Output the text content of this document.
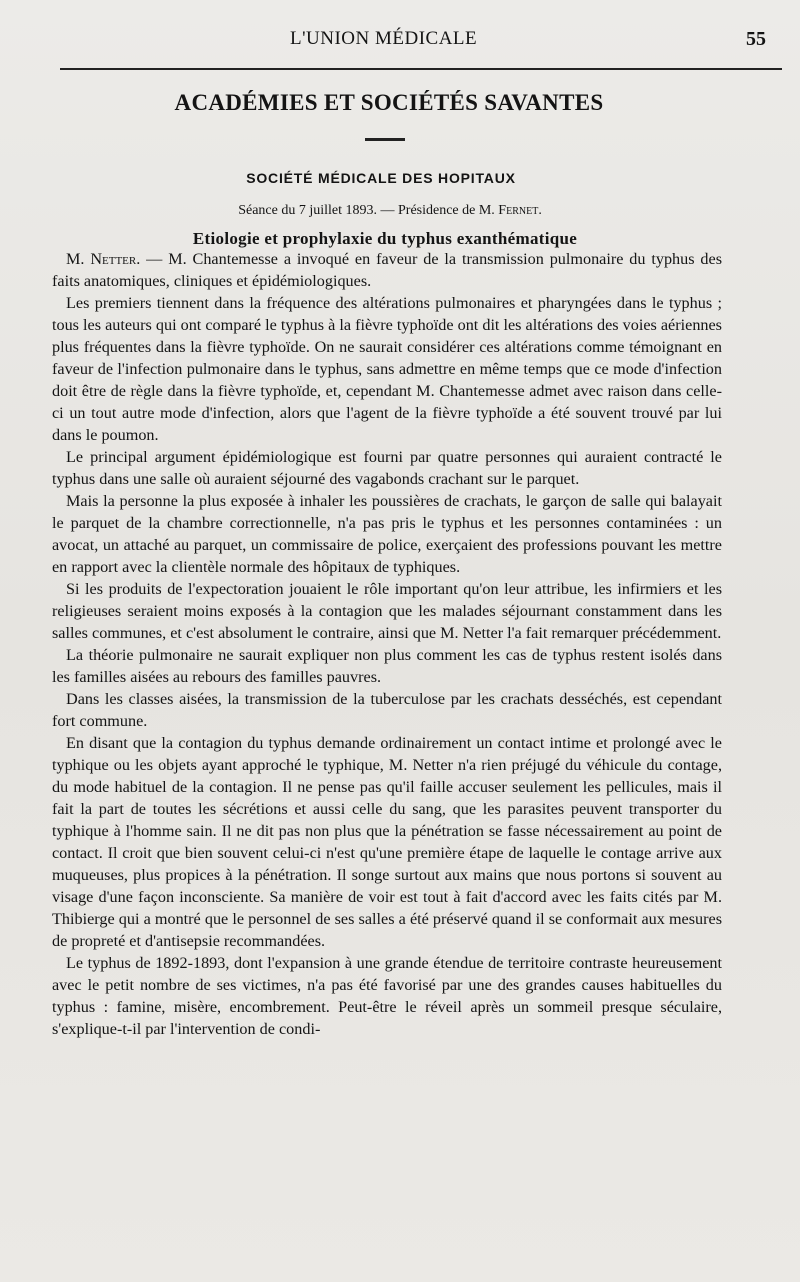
L'UNION MÉDICALE	55
ACADÉMIES ET SOCIÉTÉS SAVANTES
SOCIÉTÉ MÉDICALE DES HOPITAUX
Séance du 7 juillet 1893. — Présidence de M. Fernet.
Etiologie et prophylaxie du typhus exanthématique

M. Netter. — M. Chantemesse a invoqué en faveur de la transmission pulmonaire du typhus des faits anatomiques, cliniques et épidémiologiques.

Les premiers tiennent dans la fréquence des altérations pulmonaires et pharyngées dans le typhus ; tous les auteurs qui ont comparé le typhus à la fièvre typhoïde ont dit les altérations des voies aériennes plus fréquentes dans la fièvre typhoïde. On ne saurait considérer ces altérations comme témoignant en faveur de l'infection pulmonaire dans le typhus, sans admettre en même temps que ce mode d'infection doit être de règle dans la fièvre typhoïde, et, cependant M. Chantemesse admet avec raison dans celle-ci un tout autre mode d'infection, alors que l'agent de la fièvre typhoïde a été souvent trouvé par lui dans le poumon.

Le principal argument épidémiologique est fourni par quatre personnes qui auraient contracté le typhus dans une salle où auraient séjourné des vagabonds crachant sur le parquet.

Mais la personne la plus exposée à inhaler les poussières de crachats, le garçon de salle qui balayait le parquet de la chambre correctionnelle, n'a pas pris le typhus et les personnes contaminées : un avocat, un attaché au parquet, un commissaire de police, exerçaient des professions pouvant les mettre en rapport avec la clientèle normale des hôpitaux de typhiques.

Si les produits de l'expectoration jouaient le rôle important qu'on leur attribue, les infirmiers et les religieuses seraient moins exposés à la contagion que les malades séjournant constamment dans les salles communes, et c'est absolument le contraire, ainsi que M. Netter l'a fait remarquer précédemment.

La théorie pulmonaire ne saurait expliquer non plus comment les cas de typhus restent isolés dans les familles aisées au rebours des familles pauvres.

Dans les classes aisées, la transmission de la tuberculose par les crachats desséchés, est cependant fort commune.

En disant que la contagion du typhus demande ordinairement un contact intime et prolongé avec le typhique ou les objets ayant approché le typhique, M. Netter n'a rien préjugé du véhicule du contage, du mode habituel de la contagion. Il ne pense pas qu'il faille accuser seulement les pellicules, mais il fait la part de toutes les sécrétions et aussi celle du sang, que les parasites peuvent transporter du typhique à l'homme sain. Il ne dit pas non plus que la pénétration se fasse nécessairement au point de contact. Il croit que bien souvent celui-ci n'est qu'une première étape de laquelle le contage arrive aux muqueuses, plus propices à la pénétration. Il songe surtout aux mains que nous portons si souvent au visage d'une façon inconsciente. Sa manière de voir est tout à fait d'accord avec les faits cités par M. Thibierge qui a montré que le personnel de ses salles a été préservé quand il se conformait aux mesures de propreté et d'antisepsie recommandées.

Le typhus de 1892-1893, dont l'expansion à une grande étendue de territoire contraste heureusement avec le petit nombre de ses victimes, n'a pas été favorisé par une des grandes causes habituelles du typhus : famine, misère, encombrement. Peut-être le réveil après un sommeil presque séculaire, s'explique-t-il par l'intervention de condi-
